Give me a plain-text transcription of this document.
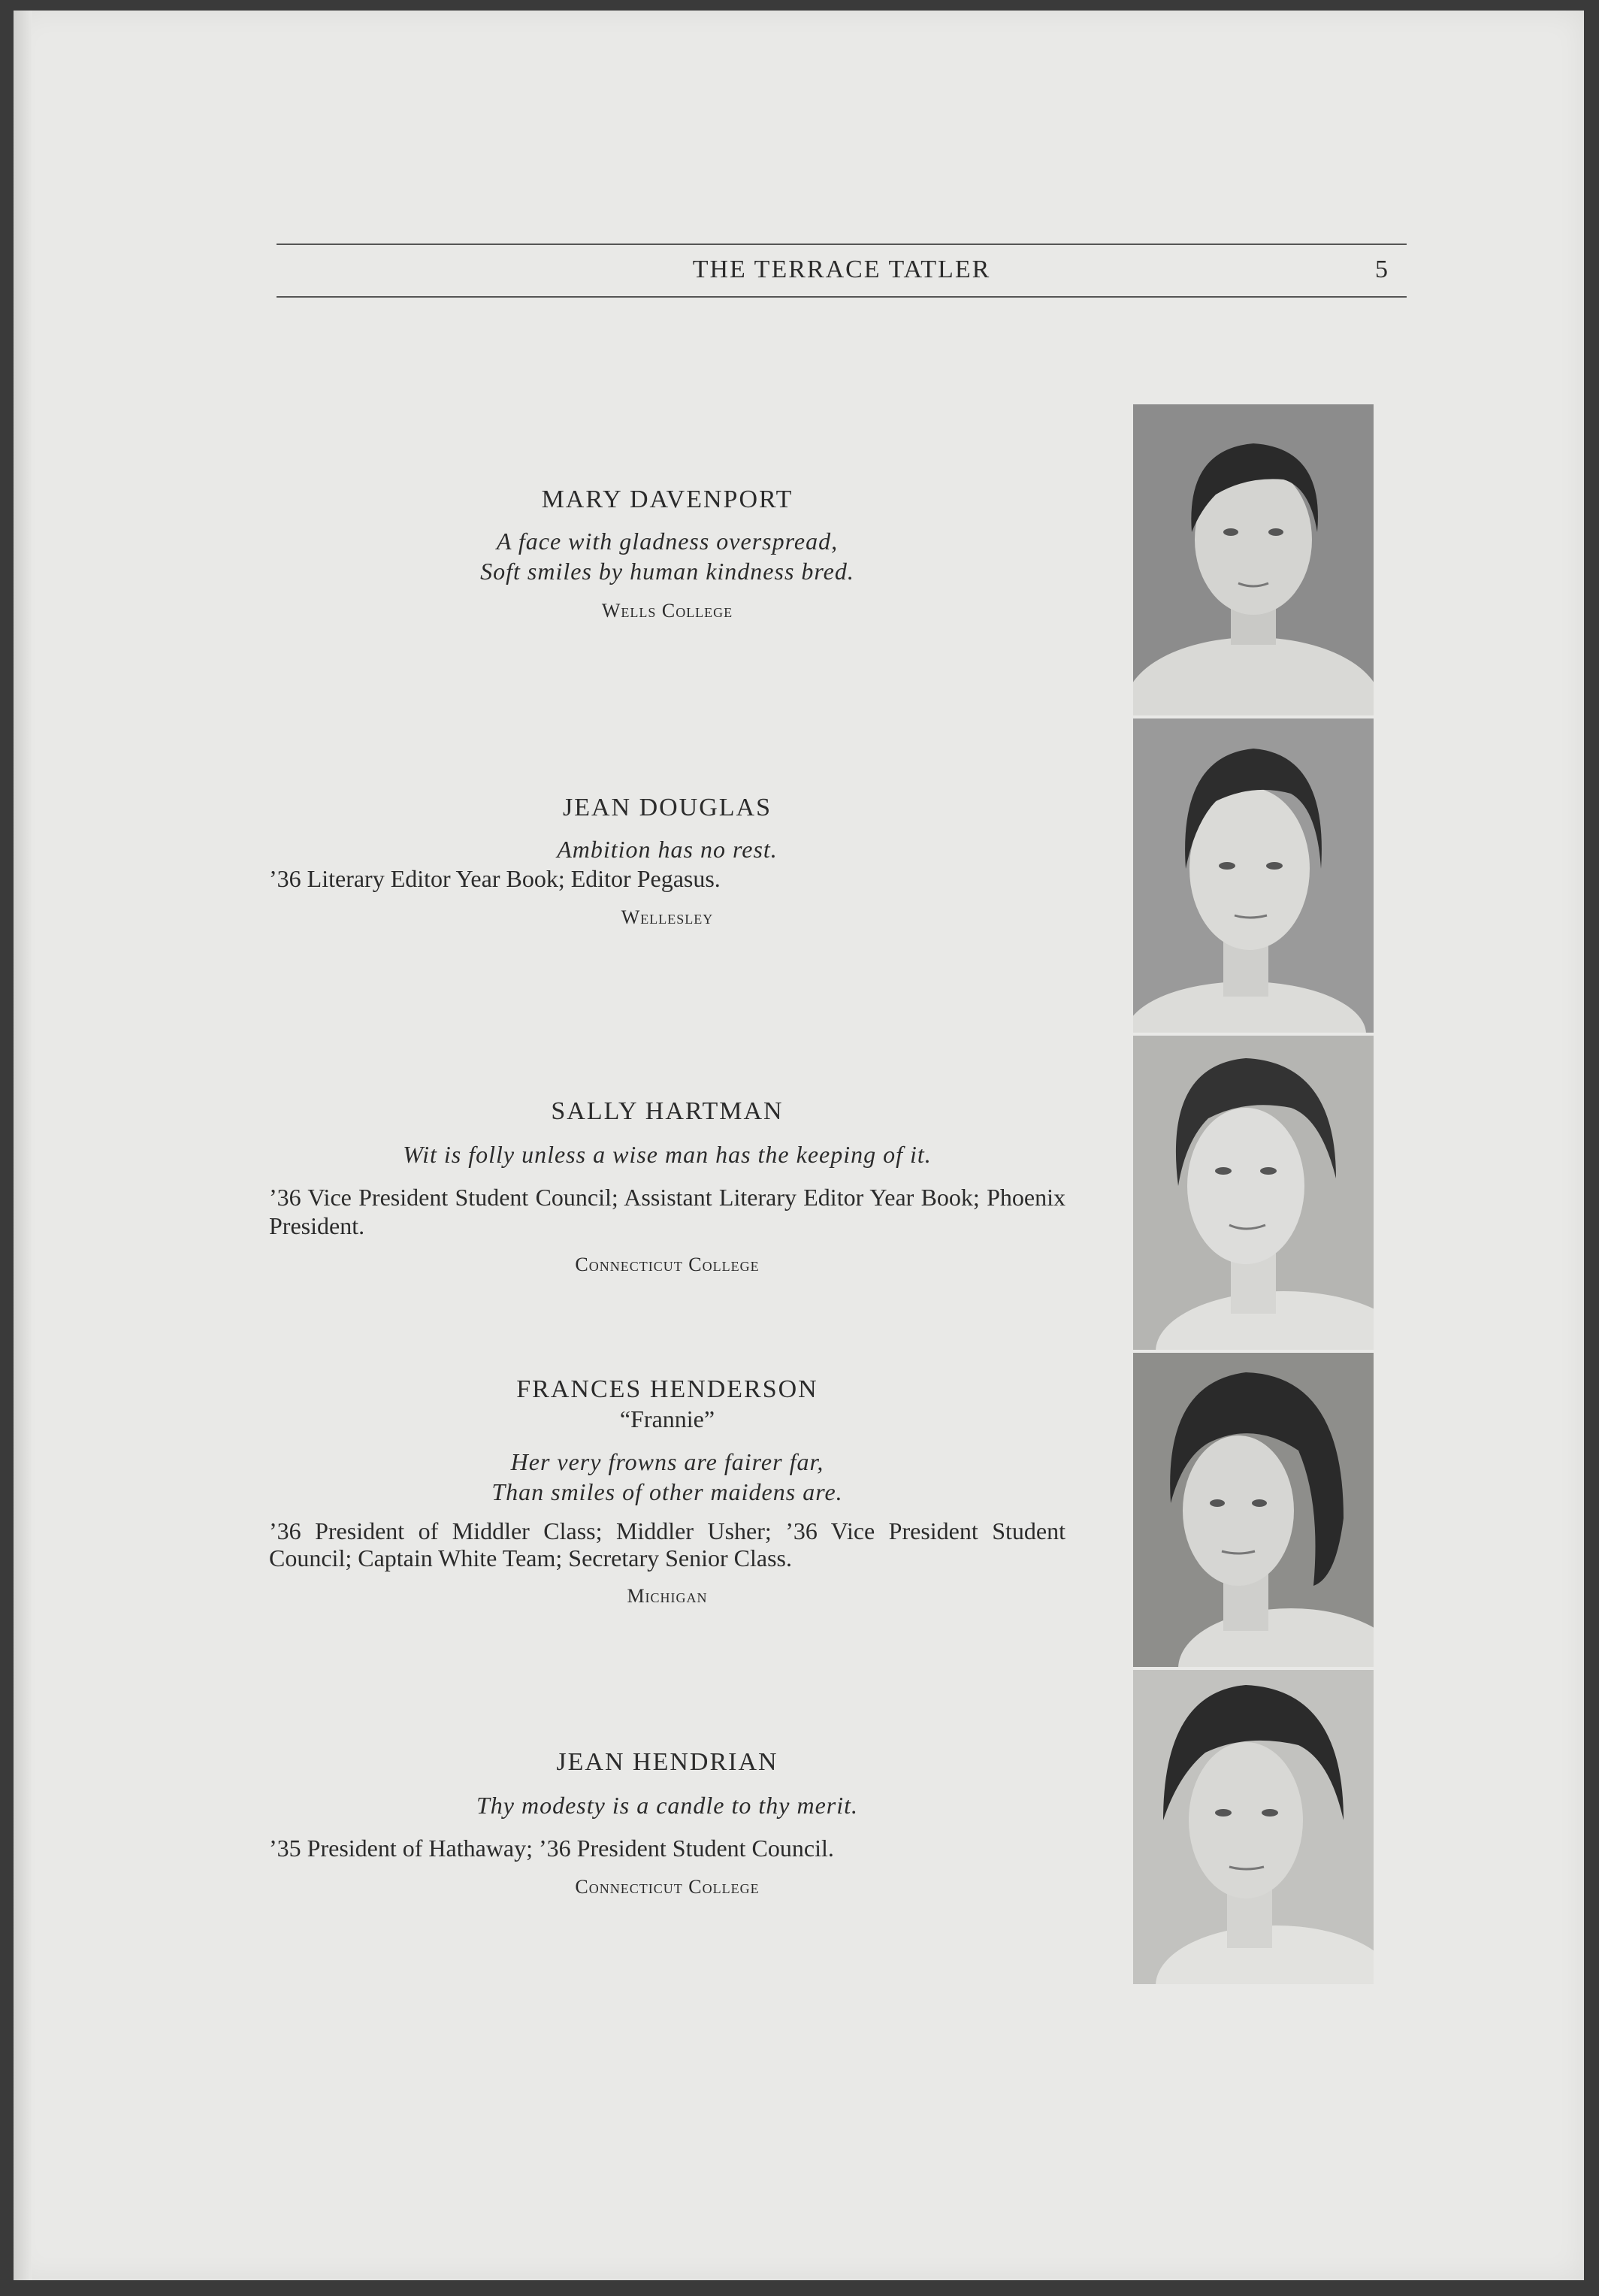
THE TERRACE TATLER	5

MARY DAVENPORT

A face with gladness overspread,

Soft smiles by human kindness bred.

Wells College

JEAN DOUGLAS

Ambition has no rest.

’36 Literary Editor Year Book; Editor Pegasus.

Wellesley

SALLY HARTMAN

Wit is folly unless a wise man has the keeping of it.

’36 Vice President Student Council; Assistant Literary Editor Year Book; Phoenix President.

Connecticut College

FRANCES HENDERSON

“Frannie”

Her very frowns are fairer far,

Than smiles of other maidens are.

’36 President of Middler Class; Middler Usher; ’36 Vice President Student Council; Captain White Team; Secretary Senior Class.

Michigan

JEAN HENDRIAN

Thy modesty is a candle to thy merit.

’35 President of Hathaway; ’36 President Student Council.

Connecticut College
